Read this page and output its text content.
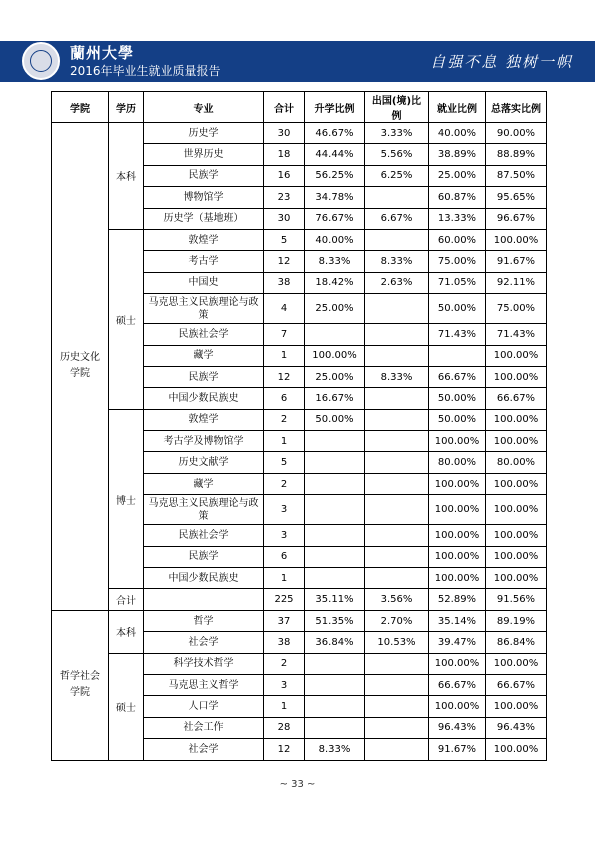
蘭州大學
2016年毕业生就业质量报告	自强不息 独树一帜
学院	学历	专业	合计	升学比例	出国(境)比例	就业比例	总落实比例
历史文化学院	本科	历史学	30	46.67%	3.33%	40.00%	90.00%
		世界历史	18	44.44%	5.56%	38.89%	88.89%
		民族学	16	56.25%	6.25%	25.00%	87.50%
		博物馆学	23	34.78%		60.87%	95.65%
		历史学（基地班）	30	76.67%	6.67%	13.33%	96.67%
	硕士	敦煌学	5	40.00%		60.00%	100.00%
		考古学	12	8.33%	8.33%	75.00%	91.67%
		中国史	38	18.42%	2.63%	71.05%	92.11%
		马克思主义民族理论与政策	4	25.00%		50.00%	75.00%
		民族社会学	7			71.43%	71.43%
		藏学	1	100.00%			100.00%
		民族学	12	25.00%	8.33%	66.67%	100.00%
		中国少数民族史	6	16.67%		50.00%	66.67%
	博士	敦煌学	2	50.00%		50.00%	100.00%
		考古学及博物馆学	1			100.00%	100.00%
		历史文献学	5			80.00%	80.00%
		藏学	2			100.00%	100.00%
		马克思主义民族理论与政策	3			100.00%	100.00%
		民族社会学	3			100.00%	100.00%
		民族学	6			100.00%	100.00%
		中国少数民族史	1			100.00%	100.00%
	合计		225	35.11%	3.56%	52.89%	91.56%
哲学社会学院	本科	哲学	37	51.35%	2.70%	35.14%	89.19%
		社会学	38	36.84%	10.53%	39.47%	86.84%
	硕士	科学技术哲学	2			100.00%	100.00%
		马克思主义哲学	3			66.67%	66.67%
		人口学	1			100.00%	100.00%
		社会工作	28			96.43%	96.43%
		社会学	12	8.33%		91.67%	100.00%
~ 33 ~
